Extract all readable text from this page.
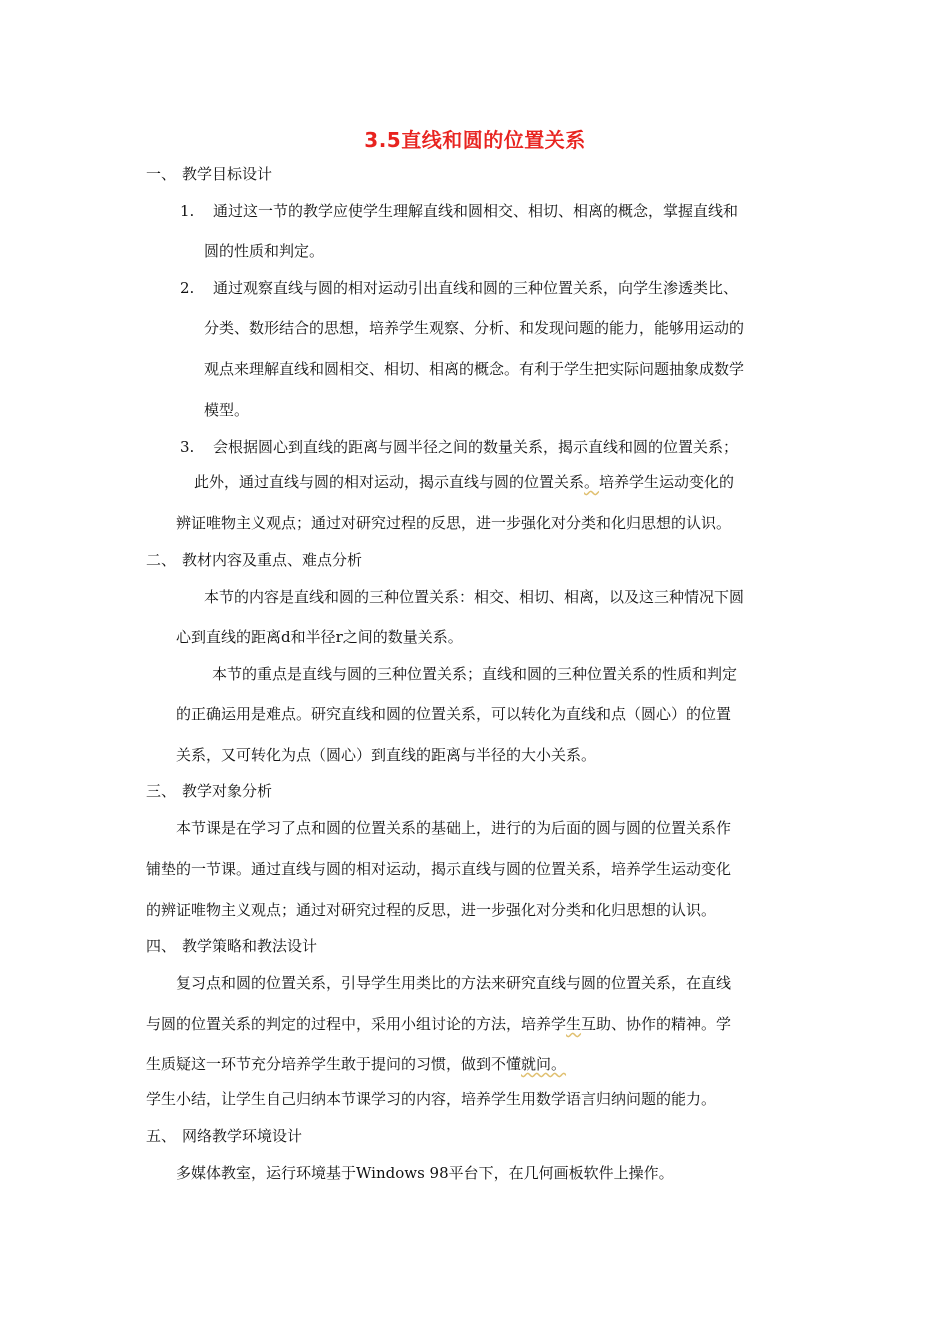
3.5直线和圆的位置关系
一、 教学目标设计
1. 通过这一节的教学应使学生理解直线和圆相交、相切、相离的概念，掌握直线和
圆的性质和判定。
2. 通过观察直线与圆的相对运动引出直线和圆的三种位置关系，向学生渗透类比、
分类、数形结合的思想，培养学生观察、分析、和发现问题的能力，能够用运动的
观点来理解直线和圆相交、相切、相离的概念。有利于学生把实际问题抽象成数学
模型。
3. 会根据圆心到直线的距离与圆半径之间的数量关系，揭示直线和圆的位置关系；
此外，通过直线与圆的相对运动，揭示直线与圆的位置关系。培养学生运动变化的
辨证唯物主义观点；通过对研究过程的反思，进一步强化对分类和化归思想的认识。
二、 教材内容及重点、难点分析
本节的内容是直线和圆的三种位置关系：相交、相切、相离，以及这三种情况下圆
心到直线的距离d和半径r之间的数量关系。
本节的重点是直线与圆的三种位置关系；直线和圆的三种位置关系的性质和判定
的正确运用是难点。研究直线和圆的位置关系，可以转化为直线和点（圆心）的位置
关系，又可转化为点（圆心）到直线的距离与半径的大小关系。
三、 教学对象分析
本节课是在学习了点和圆的位置关系的基础上，进行的为后面的圆与圆的位置关系作
铺垫的一节课。通过直线与圆的相对运动，揭示直线与圆的位置关系，培养学生运动变化
的辨证唯物主义观点；通过对研究过程的反思，进一步强化对分类和化归思想的认识。
四、 教学策略和教法设计
复习点和圆的位置关系，引导学生用类比的方法来研究直线与圆的位置关系，在直线
与圆的位置关系的判定的过程中，采用小组讨论的方法，培养学生互助、协作的精神。学
生质疑这一环节充分培养学生敢于提问的习惯，做到不懂就问。
学生小结，让学生自己归纳本节课学习的内容，培养学生用数学语言归纳问题的能力。
五、 网络教学环境设计
多媒体教室，运行环境基于Windows 98平台下，在几何画板软件上操作。
